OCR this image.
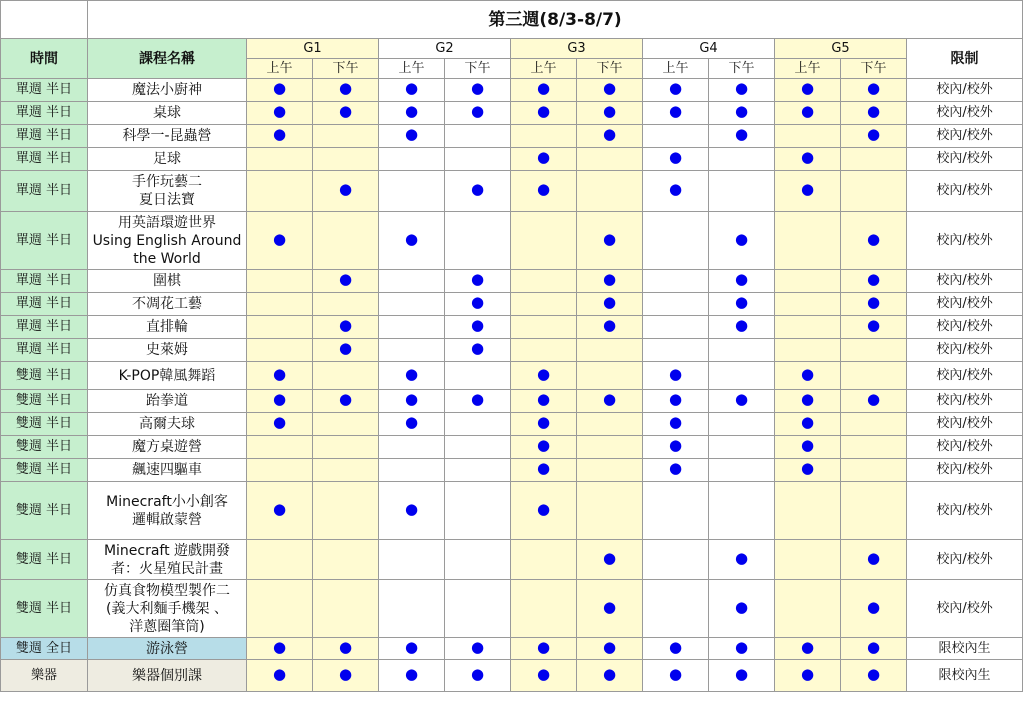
	第三週(8/3-8/7)											
時間	課程名稱	G1		G2		G3		G4		G5		限制
		上午	下午	上午	下午	上午	下午	上午	下午	上午	下午	
單週 半日	魔法小廚神	●	●	●	●	●	●	●	●	●	●	校內/校外
單週 半日	桌球	●	●	●	●	●	●	●	●	●	●	校內/校外
單週 半日	科學一-昆蟲營	●		●			●		●		●	校內/校外
單週 半日	足球					●		●		●		校內/校外
單週 半日	手作玩藝二
夏日法寶		●		●	●		●		●		校內/校外
單週 半日	用英語環遊世界
Using English Around
the World	●		●			●		●		●	校內/校外
單週 半日	圍棋		●		●		●		●		●	校內/校外
單週 半日	不凋花工藝				●		●		●		●	校內/校外
單週 半日	直排輪		●		●		●		●		●	校內/校外
單週 半日	史萊姆		●		●							校內/校外
雙週 半日	K-POP韓風舞蹈	●		●		●		●		●		校內/校外
雙週 半日	跆拳道	●	●	●	●	●	●	●	●	●	●	校內/校外
雙週 半日	高爾夫球	●		●		●		●		●		校內/校外
雙週 半日	魔方桌遊營					●		●		●		校內/校外
雙週 半日	飆速四驅車					●		●		●		校內/校外
雙週 半日	Minecraft小小創客
邏輯啟蒙營	●		●		●						校內/校外
雙週 半日	Minecraft 遊戲開發
者：火星殖民計畫						●		●		●	校內/校外
雙週 半日	仿真食物模型製作二
(義大利麵手機架 、
洋蔥圈筆筒)						●		●		●	校內/校外
雙週 全日	游泳營	●	●	●	●	●	●	●	●	●	●	限校內生
樂器	樂器個別課	●	●	●	●	●	●	●	●	●	●	限校內生
